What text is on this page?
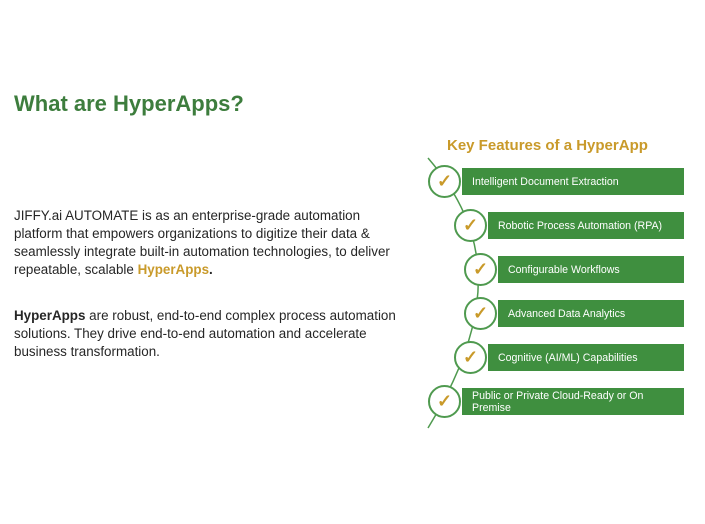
What are HyperApps?
JIFFY.ai AUTOMATE is as an enterprise-grade automation platform that empowers organizations to digitize their data & seamlessly integrate built-in automation technologies, to deliver repeatable, scalable HyperApps.
HyperApps are robust, end-to-end complex process automation solutions. They drive end-to-end automation and accelerate business transformation.
Key Features of a HyperApp
Intelligent Document Extraction
✓
Robotic Process Automation (RPA)
✓
Configurable Workflows
✓
Advanced Data Analytics
✓
Cognitive (AI/ML) Capabilities
✓
Public or Private Cloud-Ready or On Premise
✓
